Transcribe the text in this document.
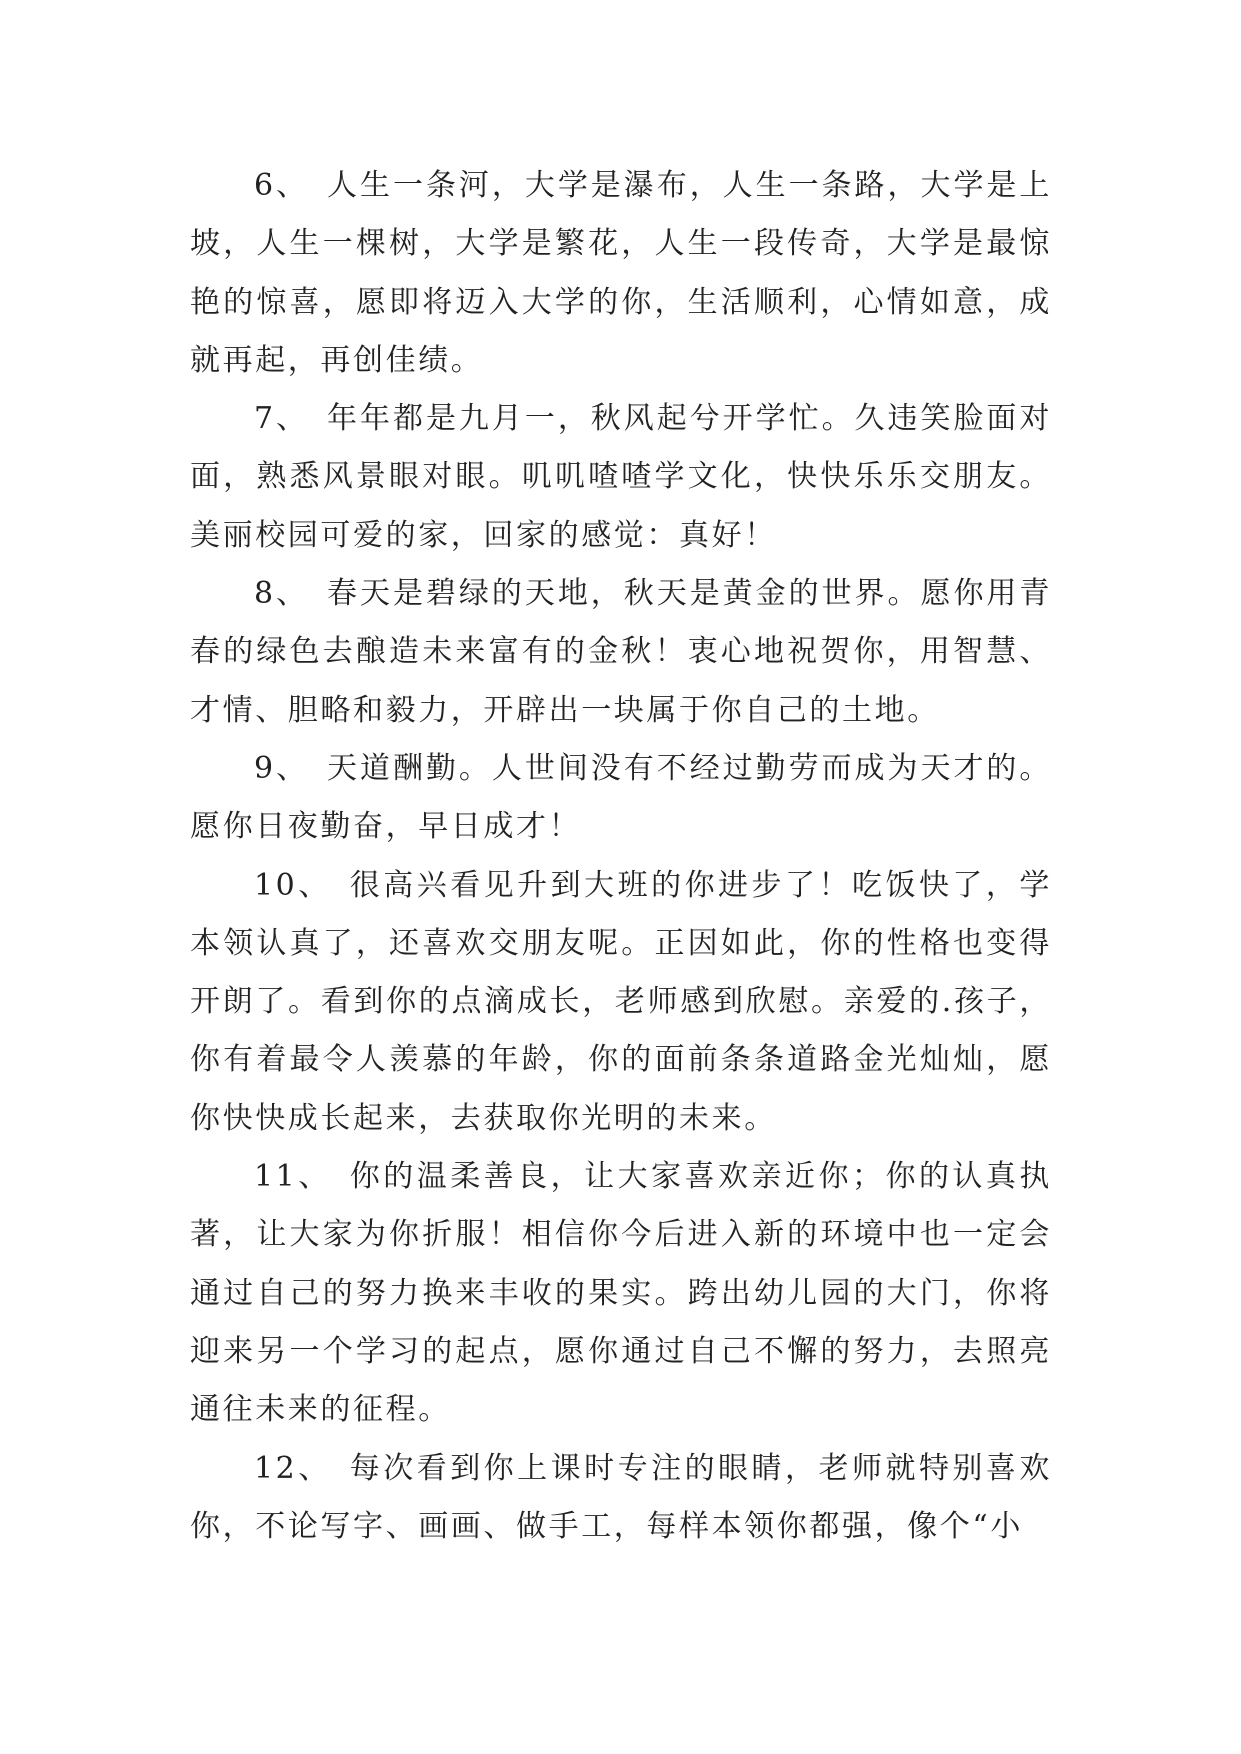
6、 人生一条河，大学是瀑布，人生一条路，大学是上坡，人生一棵树，大学是繁花，人生一段传奇，大学是最惊艳的惊喜，愿即将迈入大学的你，生活顺利，心情如意，成就再起，再创佳绩。

7、 年年都是九月一，秋风起兮开学忙。久违笑脸面对面，熟悉风景眼对眼。叽叽喳喳学文化，快快乐乐交朋友。美丽校园可爱的家，回家的感觉：真好！

8、 春天是碧绿的天地，秋天是黄金的世界。愿你用青春的绿色去酿造未来富有的金秋！衷心地祝贺你，用智慧、才情、胆略和毅力，开辟出一块属于你自己的土地。

9、 天道酬勤。人世间没有不经过勤劳而成为天才的。愿你日夜勤奋，早日成才！

10、 很高兴看见升到大班的你进步了！吃饭快了，学本领认真了，还喜欢交朋友呢。正因如此，你的性格也变得开朗了。看到你的点滴成长，老师感到欣慰。亲爱的.孩子，你有着最令人羡慕的年龄，你的面前条条道路金光灿灿，愿你快快成长起来，去获取你光明的未来。

11、 你的温柔善良，让大家喜欢亲近你；你的认真执著，让大家为你折服！相信你今后进入新的环境中也一定会通过自己的努力换来丰收的果实。跨出幼儿园的大门，你将迎来另一个学习的起点，愿你通过自己不懈的努力，去照亮通往未来的征程。

12、 每次看到你上课时专注的眼睛，老师就特别喜欢你，不论写字、画画、做手工，每样本领你都强，像个“小
